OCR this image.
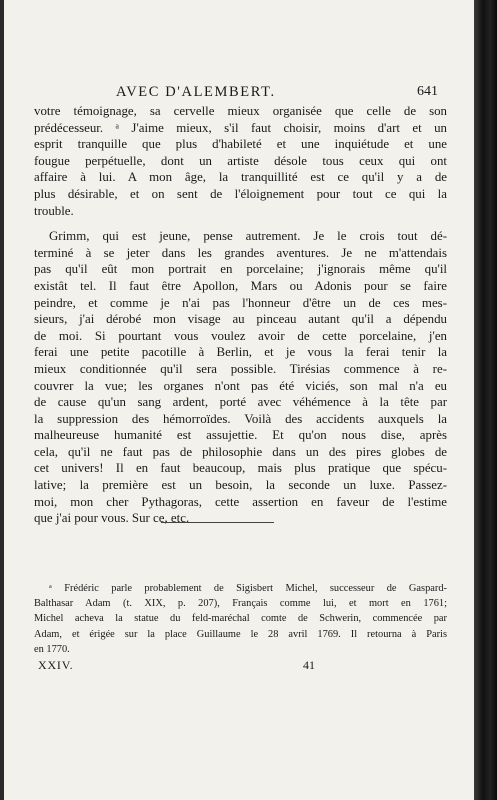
AVEC D'ALEMBERT.	641
votre témoignage, sa cervelle mieux organisée que celle de son
prédécesseur. ᵃ J'aime mieux, s'il faut choisir, moins d'art et un
esprit tranquille que plus d'habileté et une inquiétude et une
fougue perpétuelle, dont un artiste désole tous ceux qui ont
affaire à lui. A mon âge, la tranquillité est ce qu'il y a de
plus désirable, et on sent de l'éloignement pour tout ce qui la
trouble.
Grimm, qui est jeune, pense autrement. Je le crois tout dé-
terminé à se jeter dans les grandes aventures. Je ne m'attendais
pas qu'il eût mon portrait en porcelaine; j'ignorais même qu'il
existât tel. Il faut être Apollon, Mars ou Adonis pour se faire
peindre, et comme je n'ai pas l'honneur d'être un de ces mes-
sieurs, j'ai dérobé mon visage au pinceau autant qu'il a dépendu
de moi. Si pourtant vous voulez avoir de cette porcelaine, j'en
ferai une petite pacotille à Berlin, et je vous la ferai tenir la
mieux conditionnée qu'il sera possible. Tirésias commence à re-
couvrer la vue; les organes n'ont pas été viciés, son mal n'a eu
de cause qu'un sang ardent, porté avec véhémence à la tête par
la suppression des hémorroïdes. Voilà des accidents auxquels la
malheureuse humanité est assujettie. Et qu'on nous dise, après
cela, qu'il ne faut pas de philosophie dans un des pires globes de
cet univers! Il en faut beaucoup, mais plus pratique que spécu-
lative; la première est un besoin, la seconde un luxe. Passez-
moi, mon cher Pythagoras, cette assertion en faveur de l'estime
que j'ai pour vous. Sur ce, etc.
ᵃ Frédéric parle probablement de Sigisbert Michel, successeur de Gaspard-
Balthasar Adam (t. XIX, p. 207), Français comme lui, et mort en 1761;
Michel acheva la statue du feld-maréchal comte de Schwerin, commencée par
Adam, et érigée sur la place Guillaume le 28 avril 1769. Il retourna à Paris
en 1770.
XXIV.	41
